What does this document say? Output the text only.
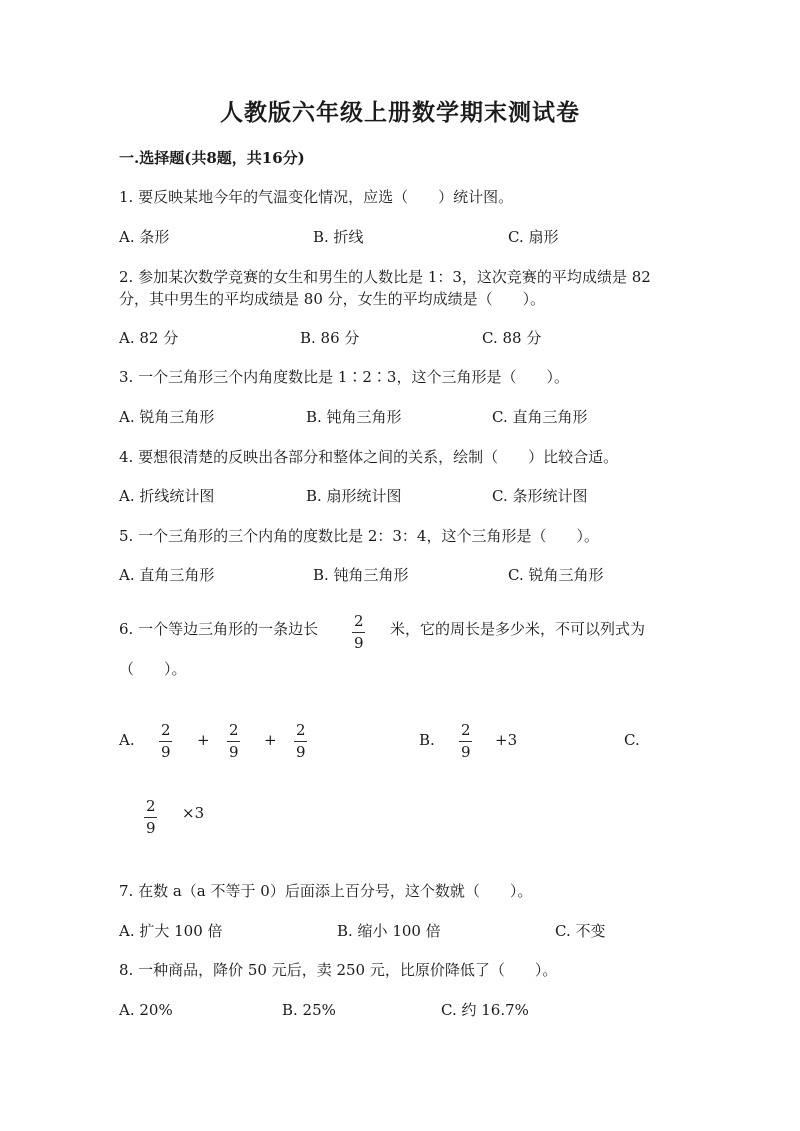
人教版六年级上册数学期末测试卷
一.选择题(共8题，共16分)
1. 要反映某地今年的气温变化情况，应选（　　）统计图。
A. 条形	B. 折线	C. 扇形
2. 参加某次数学竞赛的女生和男生的人数比是 1：3，这次竞赛的平均成绩是 82
分，其中男生的平均成绩是 80 分，女生的平均成绩是（　　）。
A. 82 分	B. 86 分	C. 88 分
3. 一个三角形三个内角度数比是 1∶2∶3，这个三角形是（　　）。
A. 锐角三角形	B. 钝角三角形	C. 直角三角形
4. 要想很清楚的反映出各部分和整体之间的关系，绘制（　　）比较合适。
A. 折线统计图	B. 扇形统计图	C. 条形统计图
5. 一个三角形的三个内角的度数比是 2：3：4，这个三角形是（　　）。
A. 直角三角形	B. 钝角三角形	C. 锐角三角形
6. 一个等边三角形的一条边长 2
9
米，它的周长是多少米，不可以列式为
（　　）。
A.
2
9
+
2
9
+
2
9
B.
2
9
+3	C.
2
9
×3
7. 在数 a（a 不等于 0）后面添上百分号，这个数就（　　）。
A. 扩大 100 倍	B. 缩小 100 倍	C. 不变
8. 一种商品，降价 50 元后，卖 250 元，比原价降低了（　　）。
A. 20%	B. 25%	C. 约 16.7%
